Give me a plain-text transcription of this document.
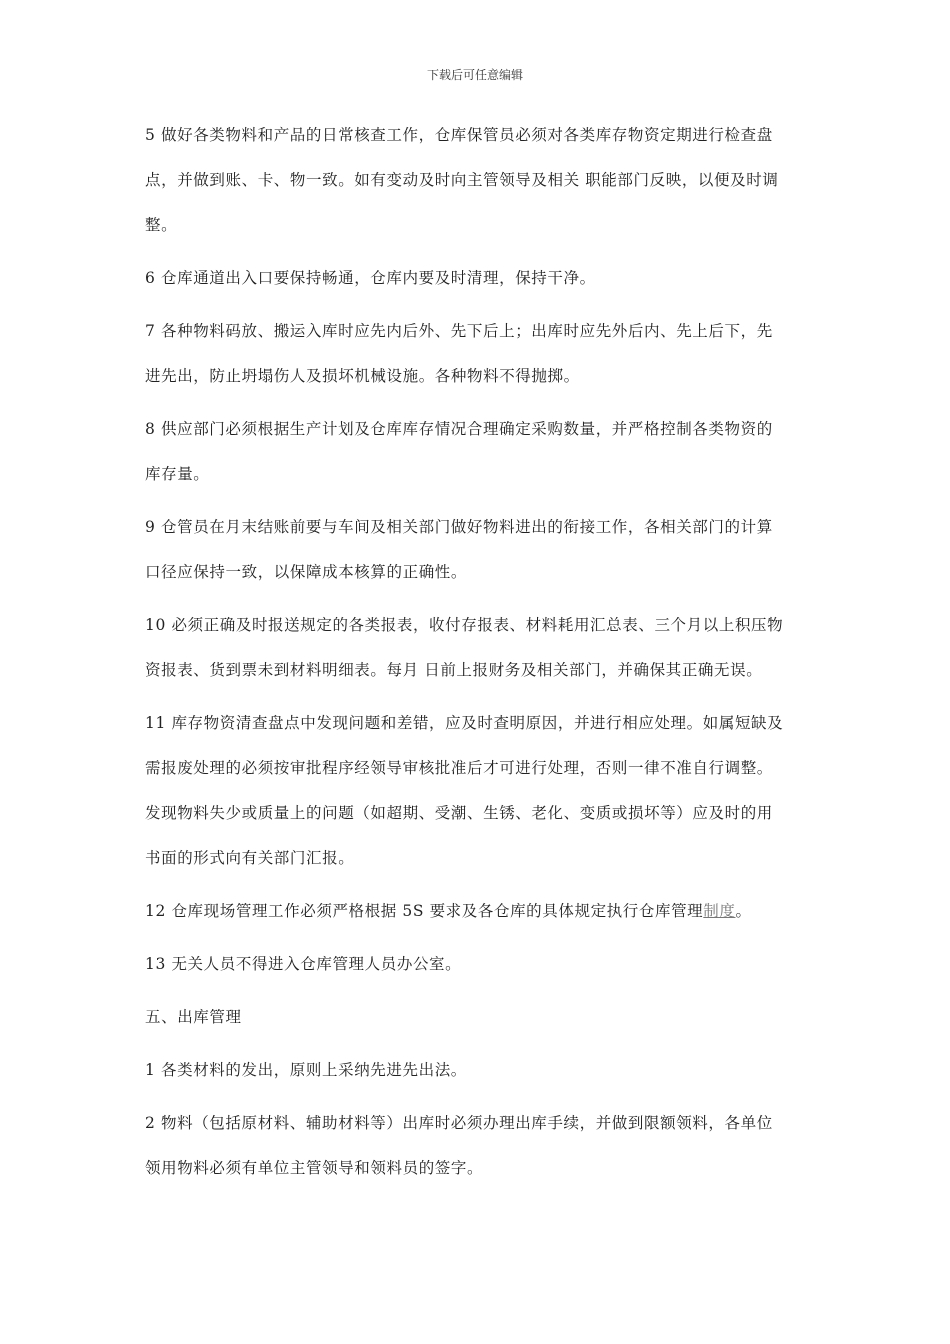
下载后可任意编辑
5 做好各类物料和产品的日常核查工作，仓库保管员必须对各类库存物资定期进行检查盘
点，并做到账、卡、物一致。如有变动及时向主管领导及相关 职能部门反映，以便及时调
整。
6 仓库通道出入口要保持畅通，仓库内要及时清理，保持干净。
7 各种物料码放、搬运入库时应先内后外、先下后上；出库时应先外后内、先上后下，先
进先出，防止坍塌伤人及损坏机械设施。各种物料不得抛掷。
8 供应部门必须根据生产计划及仓库库存情况合理确定采购数量，并严格控制各类物资的
库存量。
9 仓管员在月末结账前要与车间及相关部门做好物料进出的衔接工作，各相关部门的计算
口径应保持一致，以保障成本核算的正确性。
10 必须正确及时报送规定的各类报表，收付存报表、材料耗用汇总表、三个月以上积压物
资报表、货到票未到材料明细表。每月 日前上报财务及相关部门，并确保其正确无误。
11 库存物资清查盘点中发现问题和差错，应及时查明原因，并进行相应处理。如属短缺及
需报废处理的必须按审批程序经领导审核批准后才可进行处理，否则一律不准自行调整。
发现物料失少或质量上的问题（如超期、受潮、生锈、老化、变质或损坏等）应及时的用
书面的形式向有关部门汇报。
12 仓库现场管理工作必须严格根据 5S 要求及各仓库的具体规定执行仓库管理制度。
13 无关人员不得进入仓库管理人员办公室。
五、出库管理
1 各类材料的发出，原则上采纳先进先出法。
2 物料（包括原材料、辅助材料等）出库时必须办理出库手续，并做到限额领料，各单位
领用物料必须有单位主管领导和领料员的签字。
